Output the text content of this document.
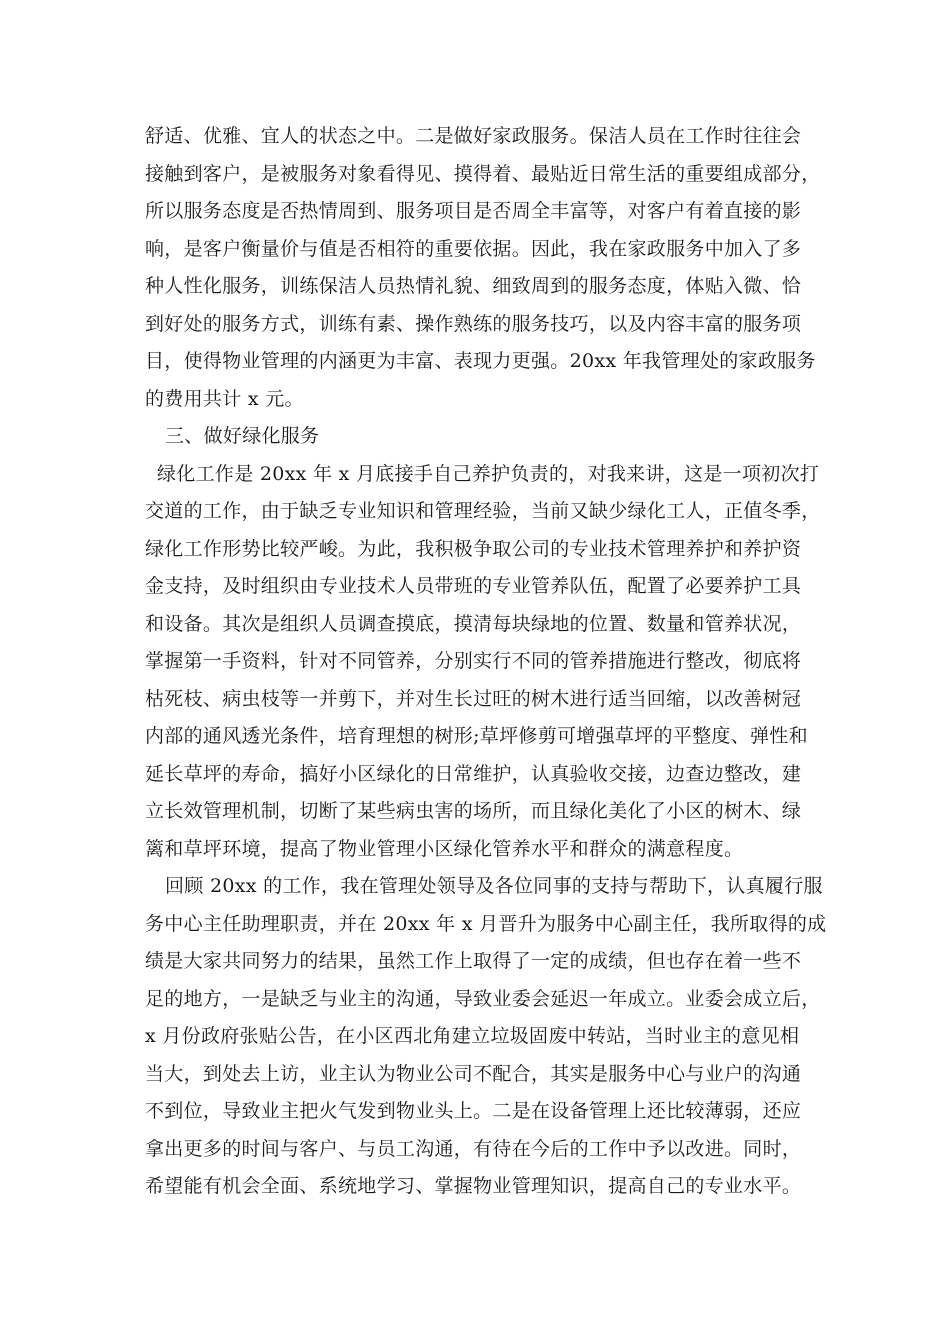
舒适、优雅、宜人的状态之中。二是做好家政服务。保洁人员在工作时往往会
接触到客户，是被服务对象看得见、摸得着、最贴近日常生活的重要组成部分，
所以服务态度是否热情周到、服务项目是否周全丰富等，对客户有着直接的影
响，是客户衡量价与值是否相符的重要依据。因此，我在家政服务中加入了多
种人性化服务，训练保洁人员热情礼貌、细致周到的服务态度，体贴入微、恰
到好处的服务方式，训练有素、操作熟练的服务技巧，以及内容丰富的服务项
目，使得物业管理的内涵更为丰富、表现力更强。20xx 年我管理处的家政服务
的费用共计 x 元。
三、做好绿化服务
绿化工作是 20xx 年 x 月底接手自己养护负责的，对我来讲，这是一项初次打
交道的工作，由于缺乏专业知识和管理经验，当前又缺少绿化工人，正值冬季，
绿化工作形势比较严峻。为此，我积极争取公司的专业技术管理养护和养护资
金支持，及时组织由专业技术人员带班的专业管养队伍，配置了必要养护工具
和设备。其次是组织人员调查摸底，摸清每块绿地的位置、数量和管养状况，
掌握第一手资料，针对不同管养，分别实行不同的管养措施进行整改，彻底将
枯死枝、病虫枝等一并剪下，并对生长过旺的树木进行适当回缩，以改善树冠
内部的通风透光条件，培育理想的树形;草坪修剪可增强草坪的平整度、弹性和
延长草坪的寿命，搞好小区绿化的日常维护，认真验收交接，边查边整改，建
立长效管理机制，切断了某些病虫害的场所，而且绿化美化了小区的树木、绿
篱和草坪环境，提高了物业管理小区绿化管养水平和群众的满意程度。
回顾 20xx 的工作，我在管理处领导及各位同事的支持与帮助下，认真履行服
务中心主任助理职责，并在 20xx 年 x 月晋升为服务中心副主任，我所取得的成
绩是大家共同努力的结果，虽然工作上取得了一定的成绩，但也存在着一些不
足的地方，一是缺乏与业主的沟通，导致业委会延迟一年成立。业委会成立后，
x 月份政府张贴公告，在小区西北角建立垃圾固废中转站，当时业主的意见相
当大，到处去上访，业主认为物业公司不配合，其实是服务中心与业户的沟通
不到位，导致业主把火气发到物业头上。二是在设备管理上还比较薄弱，还应
拿出更多的时间与客户、与员工沟通，有待在今后的工作中予以改进。同时，
希望能有机会全面、系统地学习、掌握物业管理知识，提高自己的专业水平。
